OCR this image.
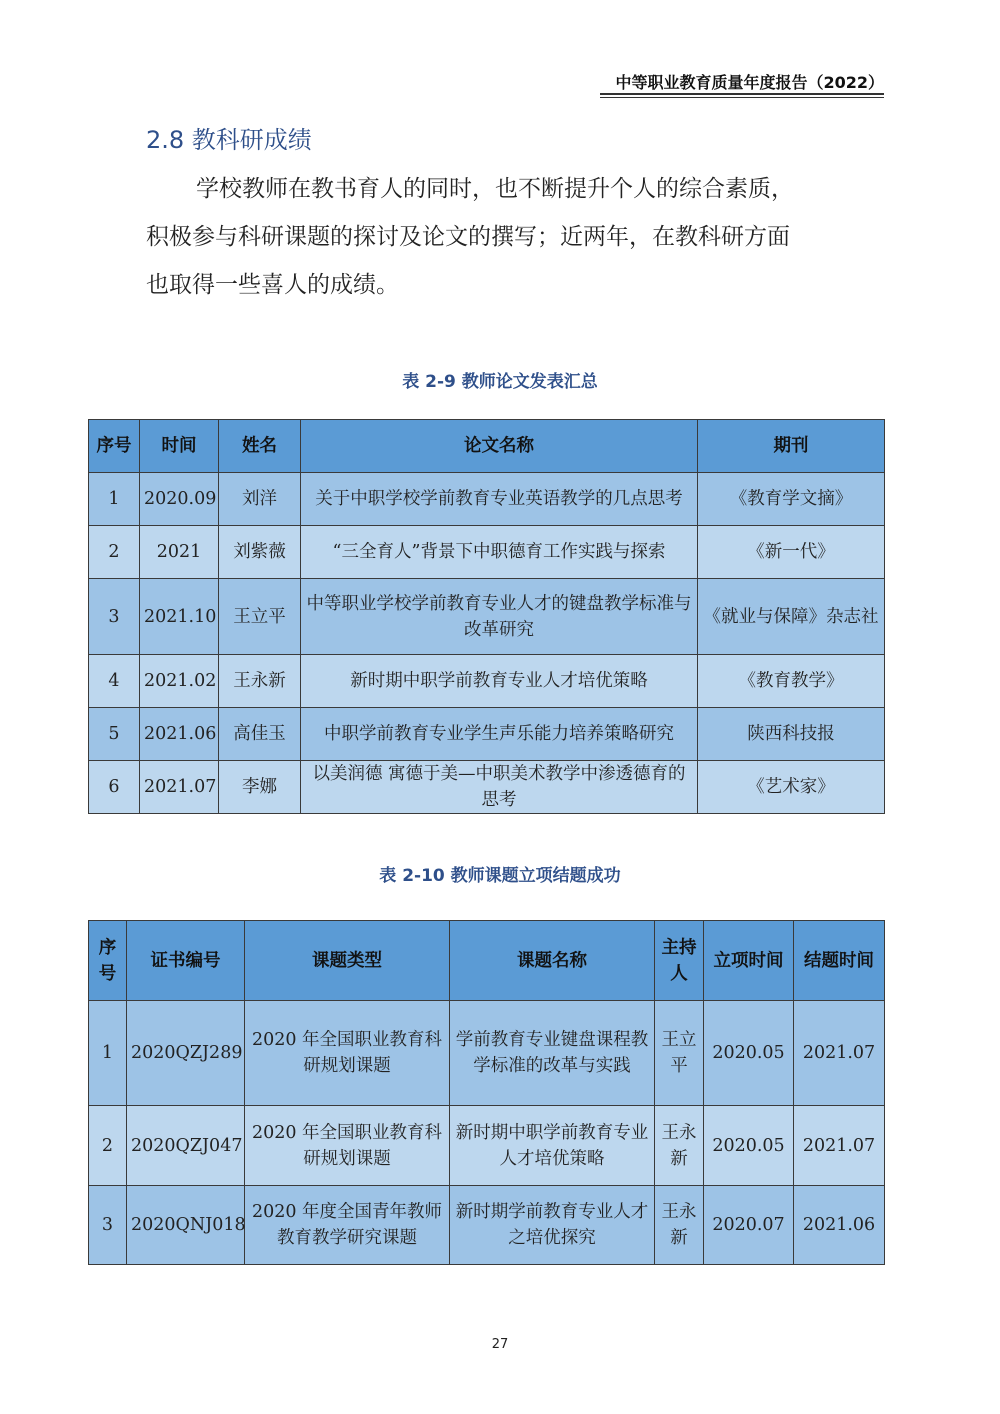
中等职业教育质量年度报告（2022）
2.8 教科研成绩

学校教师在教书育人的同时，也不断提升个人的综合素质，

积极参与科研课题的探讨及论文的撰写；近两年，在教科研方面

也取得一些喜人的成绩。

表 2-9 教师论文发表汇总
序号	时间	姓名	论文名称	期刊
1	2020.09	刘洋	关于中职学校学前教育专业英语教学的几点思考	《教育学文摘》
2	2021	刘紫薇	“三全育人”背景下中职德育工作实践与探索	《新一代》
3	2021.10	王立平	中等职业学校学前教育专业人才的键盘教学标准与改革研究	《就业与保障》杂志社
4	2021.02	王永新	新时期中职学前教育专业人才培优策略	《教育教学》
5	2021.06	高佳玉	中职学前教育专业学生声乐能力培养策略研究	陕西科技报
6	2021.07	李娜	以美润德 寓德于美—中职美术教学中渗透德育的思考	《艺术家》
表 2-10 教师课题立项结题成功
序号	证书编号	课题类型	课题名称	主持人	立项时间	结题时间
1	2020QZJ289	2020 年全国职业教育科研规划课题	学前教育专业键盘课程教学标准的改革与实践	王立平	2020.05	2021.07
2	2020QZJ047	2020 年全国职业教育科研规划课题	新时期中职学前教育专业人才培优策略	王永新	2020.05	2021.07
3	2020QNJ018	2020 年度全国青年教师教育教学研究课题	新时期学前教育专业人才之培优探究	王永新	2020.07	2021.06
27
